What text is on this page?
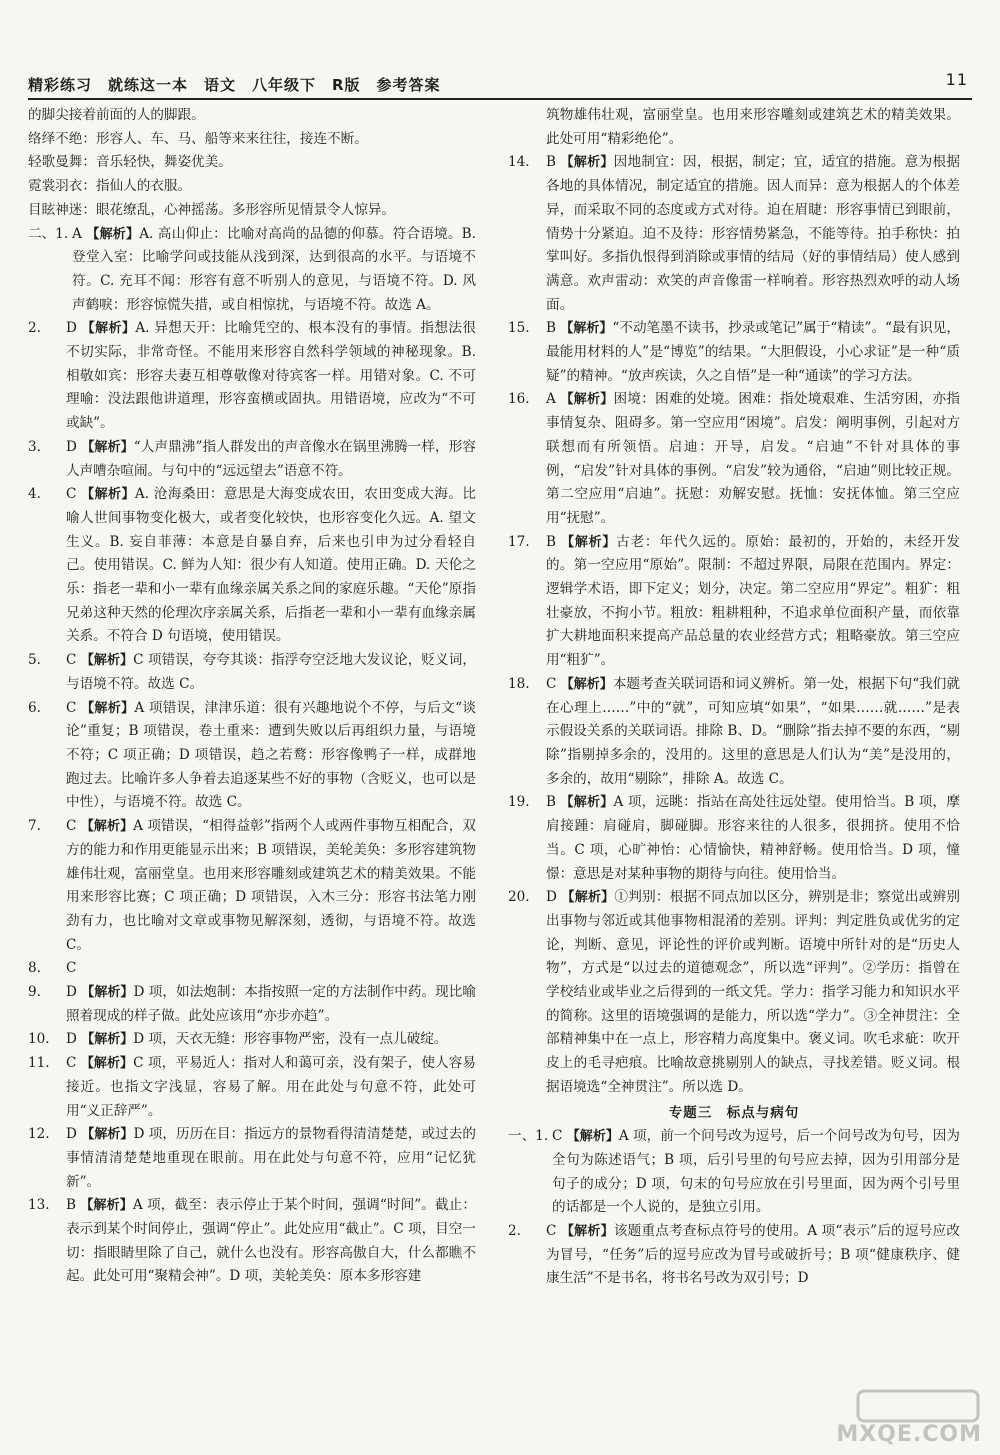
精彩练习　就练这一本　语文　八年级下　R版　参考答案	11

的脚尖接着前面的人的脚跟。

络绎不绝：形容人、车、马、船等来来往往，接连不断。

轻歌曼舞：音乐轻快，舞姿优美。

霓裳羽衣：指仙人的衣服。

目眩神迷：眼花缭乱，心神摇荡。多形容所见情景令人惊异。

二、1. A 【解析】A. 高山仰止：比喻对高尚的品德的仰慕。符合语境。B. 登堂入室：比喻学问或技能从浅到深，达到很高的水平。与语境不符。C. 充耳不闻：形容有意不听别人的意见，与语境不符。D. 风声鹤唳：形容惊慌失措，或自相惊扰，与语境不符。故选 A。
2.	D 【解析】A. 异想天开：比喻凭空的、根本没有的事情。指想法很不切实际，非常奇怪。不能用来形容自然科学领域的神秘现象。B. 相敬如宾：形容夫妻互相尊敬像对待宾客一样。用错对象。C. 不可理喻：没法跟他讲道理，形容蛮横或固执。用错语境，应改为“不可或缺”。
3.	D 【解析】“人声鼎沸”指人群发出的声音像水在锅里沸腾一样，形容人声嘈杂喧闹。与句中的“远远望去”语意不符。
4.	C 【解析】A. 沧海桑田：意思是大海变成农田，农田变成大海。比喻人世间事物变化极大，或者变化较快，也形容变化久远。A. 望文生义。B. 妄自菲薄：本意是自暴自弃，后来也引申为过分看轻自己。使用错误。C. 鲜为人知：很少有人知道。使用正确。D. 天伦之乐：指老一辈和小一辈有血缘亲属关系之间的家庭乐趣。“天伦”原指兄弟这种天然的伦理次序亲属关系，后指老一辈和小一辈有血缘亲属关系。不符合 D 句语境，使用错误。
5.	C 【解析】C 项错误，夸夸其谈：指浮夸空泛地大发议论，贬义词，与语境不符。故选 C。
6.	C 【解析】A 项错误，津津乐道：很有兴趣地说个不停，与后文“谈论”重复；B 项错误，卷土重来：遭到失败以后再组织力量，与语境不符；C 项正确；D 项错误，趋之若鹜：形容像鸭子一样，成群地跑过去。比喻许多人争着去追逐某些不好的事物（含贬义，也可以是中性），与语境不符。故选 C。
7.	C 【解析】A 项错误，“相得益彰”指两个人或两件事物互相配合，双方的能力和作用更能显示出来；B 项错误，美轮美奂：多形容建筑物雄伟壮观，富丽堂皇。也用来形容雕刻或建筑艺术的精美效果。不能用来形容比赛；C 项正确；D 项错误，入木三分：形容书法笔力刚劲有力，也比喻对文章或事物见解深刻，透彻，与语境不符。故选 C。
8.	C
9.	D 【解析】D 项，如法炮制：本指按照一定的方法制作中药。现比喻照着现成的样子做。此处应该用“亦步亦趋”。
10.	D 【解析】D 项，天衣无缝：形容事物严密，没有一点儿破绽。
11.	C 【解析】C 项，平易近人：指对人和蔼可亲，没有架子，使人容易接近。也指文字浅显，容易了解。用在此处与句意不符，此处可用“义正辞严”。
12.	D 【解析】D 项，历历在目：指远方的景物看得清清楚楚，或过去的事情清清楚楚地重现在眼前。用在此处与句意不符，应用“记忆犹新”。
13.	B 【解析】A 项，截至：表示停止于某个时间，强调“时间”。截止：表示到某个时间停止，强调“停止”。此处应用“截止”。C 项，目空一切：指眼睛里除了自己，就什么也没有。形容高傲自大，什么都瞧不起。此处可用“聚精会神”。D 项，美轮美奂：原本多形容建

筑物雄伟壮观，富丽堂皇。也用来形容雕刻或建筑艺术的精美效果。此处可用“精彩绝伦”。

14.	B 【解析】因地制宜：因，根据，制定；宜，适宜的措施。意为根据各地的具体情况，制定适宜的措施。因人而异：意为根据人的个体差异，而采取不同的态度或方式对待。迫在眉睫：形容事情已到眼前，情势十分紧迫。迫不及待：形容情势紧急，不能等待。拍手称快：拍掌叫好。多指仇恨得到消除或事情的结局（好的事情结局）使人感到满意。欢声雷动：欢笑的声音像雷一样响着。形容热烈欢呼的动人场面。
15.	B 【解析】“不动笔墨不读书，抄录或笔记”属于“精读”。“最有识见，最能用材料的人”是“博览”的结果。“大胆假设，小心求证”是一种“质疑”的精神。“放声疾读，久之自悟”是一种“通读”的学习方法。
16.	A 【解析】困境：困难的处境。困难：指处境艰难、生活穷困，亦指事情复杂、阻碍多。第一空应用“困境”。启发：阐明事例，引起对方联想而有所领悟。启迪：开导，启发。“启迪”不针对具体的事例，“启发”针对具体的事例。“启发”较为通俗，“启迪”则比较正规。第二空应用“启迪”。抚慰：劝解安慰。抚恤：安抚体恤。第三空应用“抚慰”。
17.	B 【解析】古老：年代久远的。原始：最初的，开始的，未经开发的。第一空应用“原始”。限制：不超过界限，局限在范围内。界定：逻辑学术语，即下定义；划分，决定。第二空应用“界定”。粗犷：粗壮豪放，不拘小节。粗放：粗耕粗种，不追求单位面积产量，而依靠扩大耕地面积来提高产品总量的农业经营方式；粗略豪放。第三空应用“粗犷”。
18.	C 【解析】本题考查关联词语和词义辨析。第一处，根据下句“我们就在心理上……”中的“就”，可知应填“如果”，“如果……就……”是表示假设关系的关联词语。排除 B、D。“删除”指去掉不要的东西，“剔除”指剔掉多余的，没用的。这里的意思是人们认为“美”是没用的，多余的，故用“剔除”，排除 A。故选 C。
19.	B 【解析】A 项，远眺：指站在高处往远处望。使用恰当。B 项，摩肩接踵：肩碰肩，脚碰脚。形容来往的人很多，很拥挤。使用不恰当。C 项，心旷神怡：心情愉快，精神舒畅。使用恰当。D 项，憧憬：意思是对某种事物的期待与向往。使用恰当。
20.	D 【解析】①判别：根据不同点加以区分，辨别是非；察觉出或辨别出事物与邻近或其他事物相混淆的差别。评判：判定胜负或优劣的定论，判断、意见，评论性的评价或判断。语境中所针对的是“历史人物”，方式是“以过去的道德观念”，所以选“评判”。②学历：指曾在学校结业或毕业之后得到的一纸文凭。学力：指学习能力和知识水平的简称。这里的语境强调的是能力，所以选“学力”。③全神贯注：全部精神集中在一点上，形容精力高度集中。褒义词。吹毛求疵：吹开皮上的毛寻疤痕。比喻故意挑剔别人的缺点，寻找差错。贬义词。根据语境选“全神贯注”。所以选 D。

专题三　标点与病句

一、1. C 【解析】A 项，前一个问号改为逗号，后一个问号改为句号，因为全句为陈述语气；B 项，后引号里的句号应去掉，因为引用部分是句子的成分；D 项，句末的句号应放在引号里面，因为两个引号里的话都是一个人说的，是独立引用。
2.	C 【解析】该题重点考查标点符号的使用。A 项“表示”后的逗号应改为冒号，“任务”后的逗号应改为冒号或破折号；B 项“健康秩序、健康生活”不是书名，将书名号改为双引号；D
MXQE.COM
